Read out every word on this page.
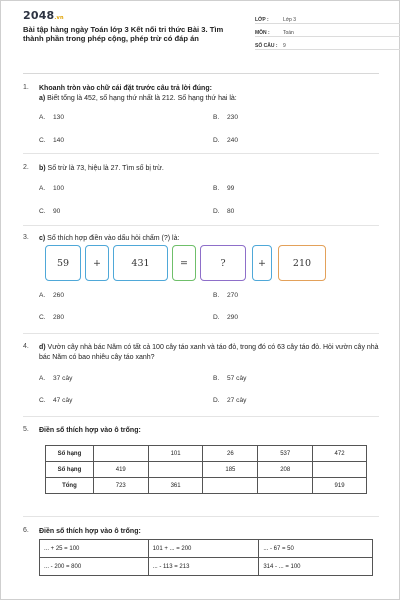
2048.vn
Bài tập hàng ngày Toán lớp 3 Kết nối tri thức Bài 3. Tìm thành phần trong phép cộng, phép trừ có đáp án
LỚP :	Lớp 3
MÔN :	Toán
SỐ CÂU :	9
1. Khoanh tròn vào chữ cái đặt trước câu trả lời đúng:
a) Biết tổng là 452, số hạng thứ nhất là 212. Số hạng thứ hai là:
A. 130	B. 230
C. 140	D. 240
2. b) Số trừ là 73, hiệu là 27. Tìm số bị trừ.
A. 100	B. 99
C. 90	D. 80
3. c) Số thích hợp điền vào dấu hỏi chấm (?) là:
59	+	431	=	?	+	210
A. 260	B. 270
C. 280	D. 290
4. d) Vườn cây nhà bác Năm có tất cả 100 cây táo xanh và táo đỏ, trong đó có 63 cây táo đỏ. Hỏi vườn cây nhà bác Năm có bao nhiêu cây táo xanh?
A. 37 cây	B. 57 cây
C. 47 cây	D. 27 cây
5. Điền số thích hợp vào ô trống:
Số hạng		101	26	537	472
Số hạng	419		185	208	
Tổng	723	361			919
6. Điền số thích hợp vào ô trống:
... + 25 = 100	101 + ... = 200	... - 67 = 50
... - 200 = 800	... - 113 = 213	314 - ... = 100
